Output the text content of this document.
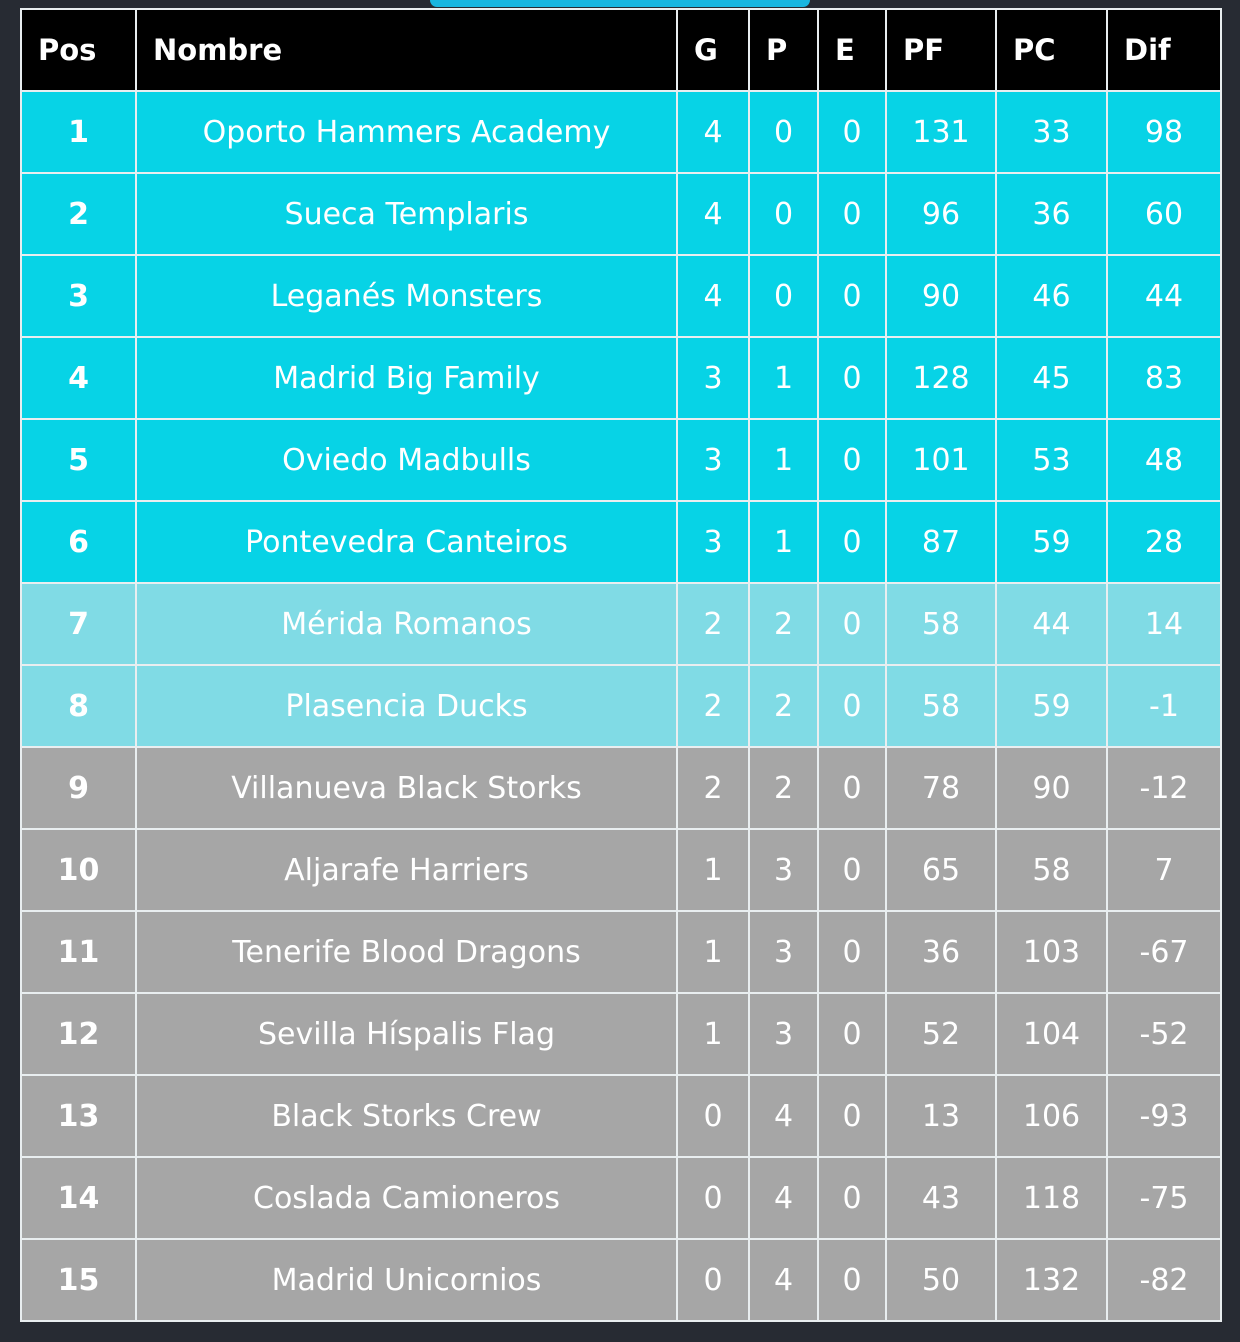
Pos	Nombre	G	P	E	PF	PC	Dif
1	Oporto Hammers Academy	4	0	0	131	33	98
2	Sueca Templaris	4	0	0	96	36	60
3	Leganés Monsters	4	0	0	90	46	44
4	Madrid Big Family	3	1	0	128	45	83
5	Oviedo Madbulls	3	1	0	101	53	48
6	Pontevedra Canteiros	3	1	0	87	59	28
7	Mérida Romanos	2	2	0	58	44	14
8	Plasencia Ducks	2	2	0	58	59	-1
9	Villanueva Black Storks	2	2	0	78	90	-12
10	Aljarafe Harriers	1	3	0	65	58	7
11	Tenerife Blood Dragons	1	3	0	36	103	-67
12	Sevilla Híspalis Flag	1	3	0	52	104	-52
13	Black Storks Crew	0	4	0	13	106	-93
14	Coslada Camioneros	0	4	0	43	118	-75
15	Madrid Unicornios	0	4	0	50	132	-82
